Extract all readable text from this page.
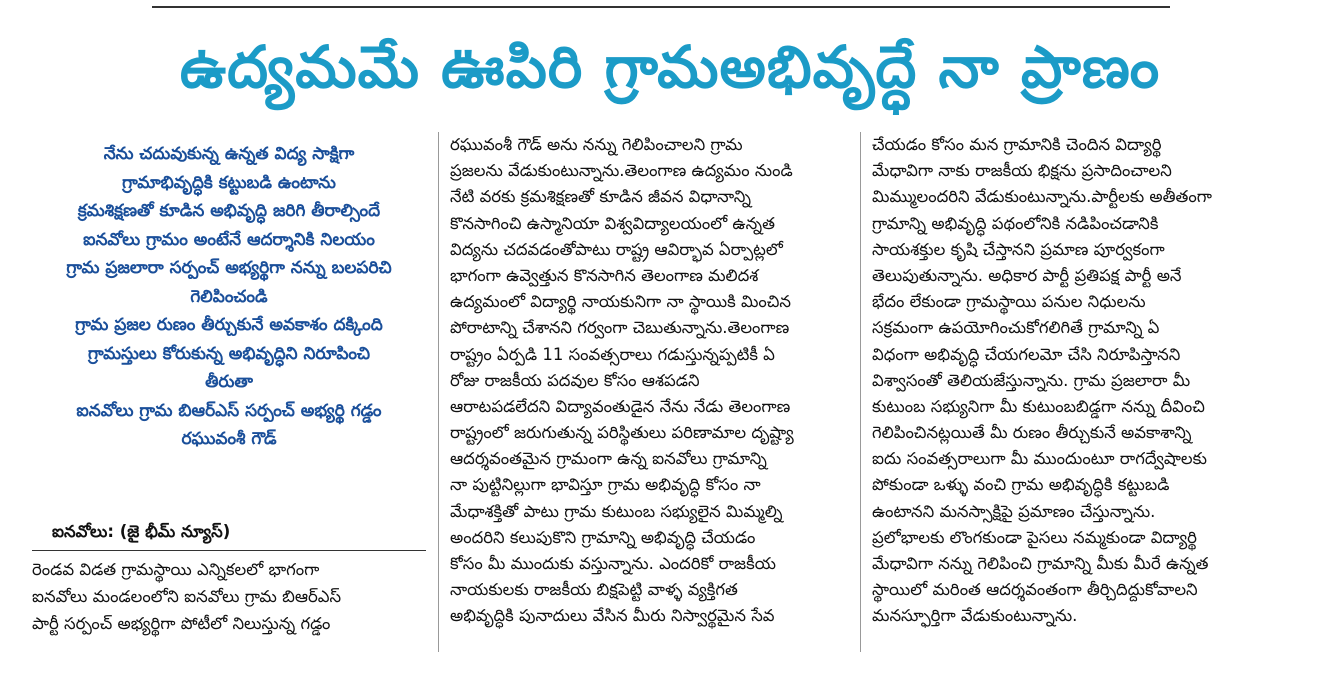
ఉద్యమమే ఊపిరి గ్రామఅభివృద్ధే నా ప్రాణం
నేను చదువుకున్న ఉన్నత విద్య సాక్షిగా
గ్రామాభివృద్ధికి కట్టుబడి ఉంటాను
క్రమశిక్షణతో కూడిన అభివృద్ధి జరిగి తీరాల్సిందే
ఐనవోలు గ్రామం అంటేనే ఆదర్శానికి నిలయం
గ్రామ ప్రజలారా సర్పంచ్ అభ్యర్థిగా నన్ను బలపరిచి
గెలిపించండి
గ్రామ ప్రజల రుణం తీర్చుకునే అవకాశం దక్కింది
గ్రామస్తులు కోరుకున్న అభివృద్ధిని నిరూపించి
తీరుతా
ఐనవోలు గ్రామ బిఆర్ఎస్ సర్పంచ్ అభ్యర్థి గడ్డం
రఘువంశీ గౌడ్
ఐనవోలు: (జై భీమ్ న్యూస్)
రెండవ విడత గ్రామస్థాయి ఎన్నికలలో భాగంగా
ఐనవోలు మండలంలోని ఐనవోలు గ్రామ బిఆర్ఎస్
పార్టీ సర్పంచ్ అభ్యర్థిగా పోటీలో నిలుస్తున్న గడ్డం
రఘువంశీ గౌడ్ అను నన్ను గెలిపించాలని గ్రామ
ప్రజలను వేడుకుంటున్నాను.తెలంగాణ ఉద్యమం నుండి
నేటి వరకు క్రమశిక్షణతో కూడిన జీవన విధానాన్ని
కొనసాగించి ఉస్మానియా విశ్వవిద్యాలయంలో ఉన్నత
విద్యను చదవడంతోపాటు రాష్ట్ర ఆవిర్భావ ఏర్పాట్లలో
భాగంగా ఉవ్వెత్తున కొనసాగిన తెలంగాణ మలిదశ
ఉద్యమంలో విద్యార్థి నాయకునిగా నా స్థాయికి మించిన
పోరాటాన్ని చేశానని గర్వంగా చెబుతున్నాను.తెలంగాణ
రాష్ట్రం ఏర్పడి 11 సంవత్సరాలు గడుస్తున్నప్పటికీ ఏ
రోజు రాజకీయ పదవుల కోసం ఆశపడని
ఆరాటపడలేదని విద్యావంతుడైన నేను నేడు తెలంగాణ
రాష్ట్రంలో జరుగుతున్న పరిస్థితులు పరిణామాల దృష్ట్యా
ఆదర్శవంతమైన గ్రామంగా ఉన్న ఐనవోలు గ్రామాన్ని
నా పుట్టినిల్లుగా భావిస్తూ గ్రామ అభివృద్ధి కోసం నా
మేధాశక్తితో పాటు గ్రామ కుటుంబ సభ్యులైన మిమ్మల్ని
అందరిని కలుపుకొని గ్రామాన్ని అభివృద్ధి చేయడం
కోసం మీ ముందుకు వస్తున్నాను. ఎందరికో రాజకీయ
నాయకులకు రాజకీయ బిక్షపెట్టి వాళ్ళ వ్యక్తిగత
అభివృద్ధికి పునాదులు వేసిన మీరు నిస్వార్థమైన సేవ
చేయడం కోసం మన గ్రామానికి చెందిన విద్యార్థి
మేధావిగా నాకు రాజకీయ భిక్షను ప్రసాదించాలని
మిమ్ములందరిని వేడుకుంటున్నాను.పార్టీలకు అతీతంగా
గ్రామాన్ని అభివృద్ధి పథంలోనికి నడిపించడానికి
సాయశక్తుల కృషి చేస్తానని ప్రమాణ పూర్వకంగా
తెలుపుతున్నాను. అధికార పార్టీ ప్రతిపక్ష పార్టీ అనే
భేదం లేకుండా గ్రామస్థాయి పనుల నిధులను
సక్రమంగా ఉపయోగించుకోగలిగితే గ్రామాన్ని ఏ
విధంగా అభివృద్ధి చేయగలమో చేసి నిరూపిస్తానని
విశ్వాసంతో తెలియజేస్తున్నాను. గ్రామ ప్రజలారా మీ
కుటుంబ సభ్యునిగా మీ కుటుంబబిడ్డగా నన్ను దీవించి
గెలిపించినట్లయితే మీ రుణం తీర్చుకునే అవకాశాన్ని
ఐదు సంవత్సరాలుగా మీ ముందుంటూ రాగద్వేషాలకు
పోకుండా ఒళ్ళు వంచి గ్రామ అభివృద్ధికి కట్టుబడి
ఉంటానని మనస్సాక్షిపై ప్రమాణం చేస్తున్నాను.
ప్రలోభాలకు లొంగకుండా పైసలు నమ్మకుండా విద్యార్థి
మేధావిగా నన్ను గెలిపించి గ్రామాన్ని మీకు మీరే ఉన్నత
స్థాయిలో మరింత ఆదర్శవంతంగా తీర్చిదిద్దుకోవాలని
మనస్ఫూర్తిగా వేడుకుంటున్నాను.
